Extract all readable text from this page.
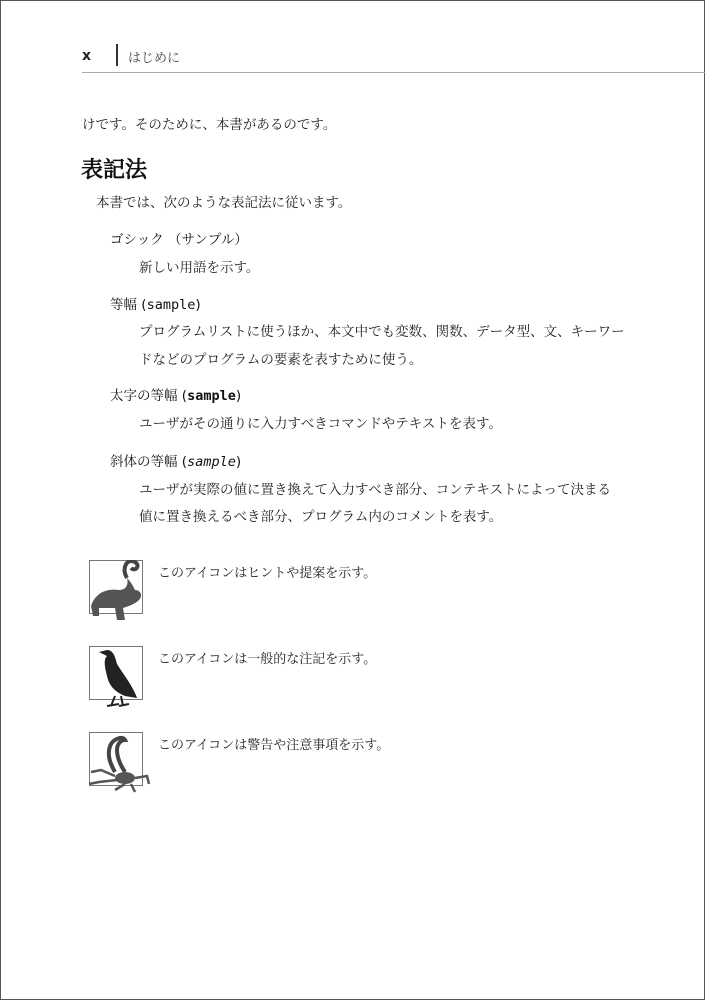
x	はじめに
けです。そのために、本書があるのです。
表記法
本書では、次のような表記法に従います。
ゴシック （サンプル）
新しい用語を示す。
等幅 (sample)
プログラムリストに使うほか、本文中でも変数、関数、データ型、文、キーワー
ドなどのプログラムの要素を表すために使う。
太字の等幅 (sample)
ユーザがその通りに入力すべきコマンドやテキストを表す。
斜体の等幅 (sample)
ユーザが実際の値に置き換えて入力すべき部分、コンテキストによって決まる
値に置き換えるべき部分、プログラム内のコメントを表す。
このアイコンはヒントや提案を示す。
このアイコンは一般的な注記を示す。
このアイコンは警告や注意事項を示す。
